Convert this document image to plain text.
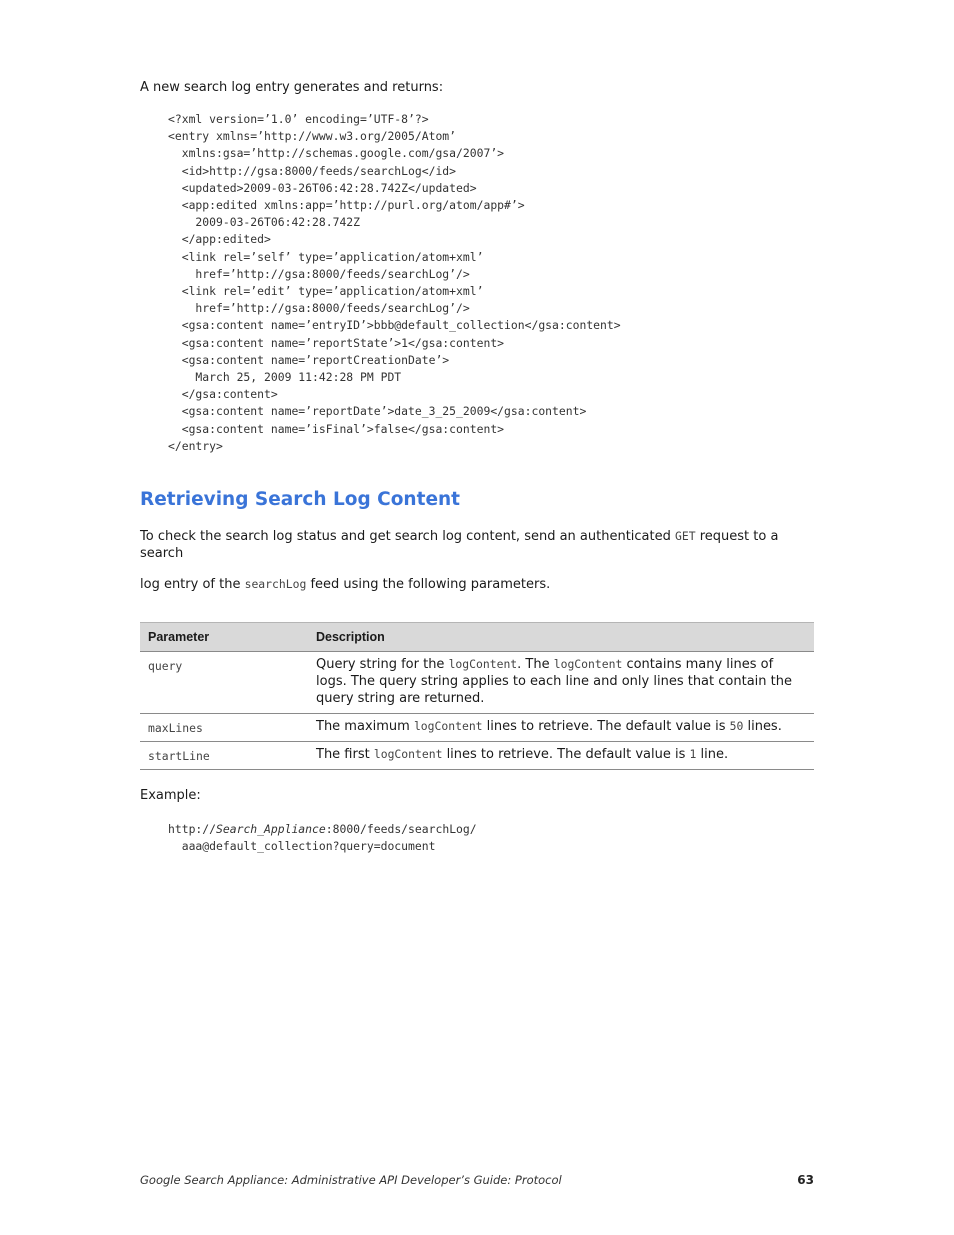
A new search log entry generates and returns:
<?xml version=’1.0’ encoding=’UTF-8’?>
<entry xmlns=’http://www.w3.org/2005/Atom’
xmlns:gsa=’http://schemas.google.com/gsa/2007’>
<id>http://gsa:8000/feeds/searchLog</id>
<updated>2009-03-26T06:42:28.742Z</updated>
<app:edited xmlns:app=’http://purl.org/atom/app#’>
2009-03-26T06:42:28.742Z
</app:edited>
<link rel=’self’ type=’application/atom+xml’
href=’http://gsa:8000/feeds/searchLog’/>
<link rel=’edit’ type=’application/atom+xml’
href=’http://gsa:8000/feeds/searchLog’/>
<gsa:content name=’entryID’>bbb@default_collection</gsa:content>
<gsa:content name=’reportState’>1</gsa:content>
<gsa:content name=’reportCreationDate’>
March 25, 2009 11:42:28 PM PDT
</gsa:content>
<gsa:content name=’reportDate’>date_3_25_2009</gsa:content>
<gsa:content name=’isFinal’>false</gsa:content>
</entry>
Retrieving Search Log Content

To check the search log status and get search log content, send an authenticated GET request to a search

log entry of the searchLog feed using the following parameters.

Parameter	Description
query	Query string for the logContent. The logContent contains many lines of logs. The query string applies to each line and only lines that contain the query string are returned.
maxLines	The maximum logContent lines to retrieve. The default value is 50 lines.
startLine	The first logContent lines to retrieve. The default value is 1 line.

Example:

http://Search_Appliance:8000/feeds/searchLog/
aaa@default_collection?query=document
Google Search Appliance: Administrative API Developer’s Guide: Protocol	63
